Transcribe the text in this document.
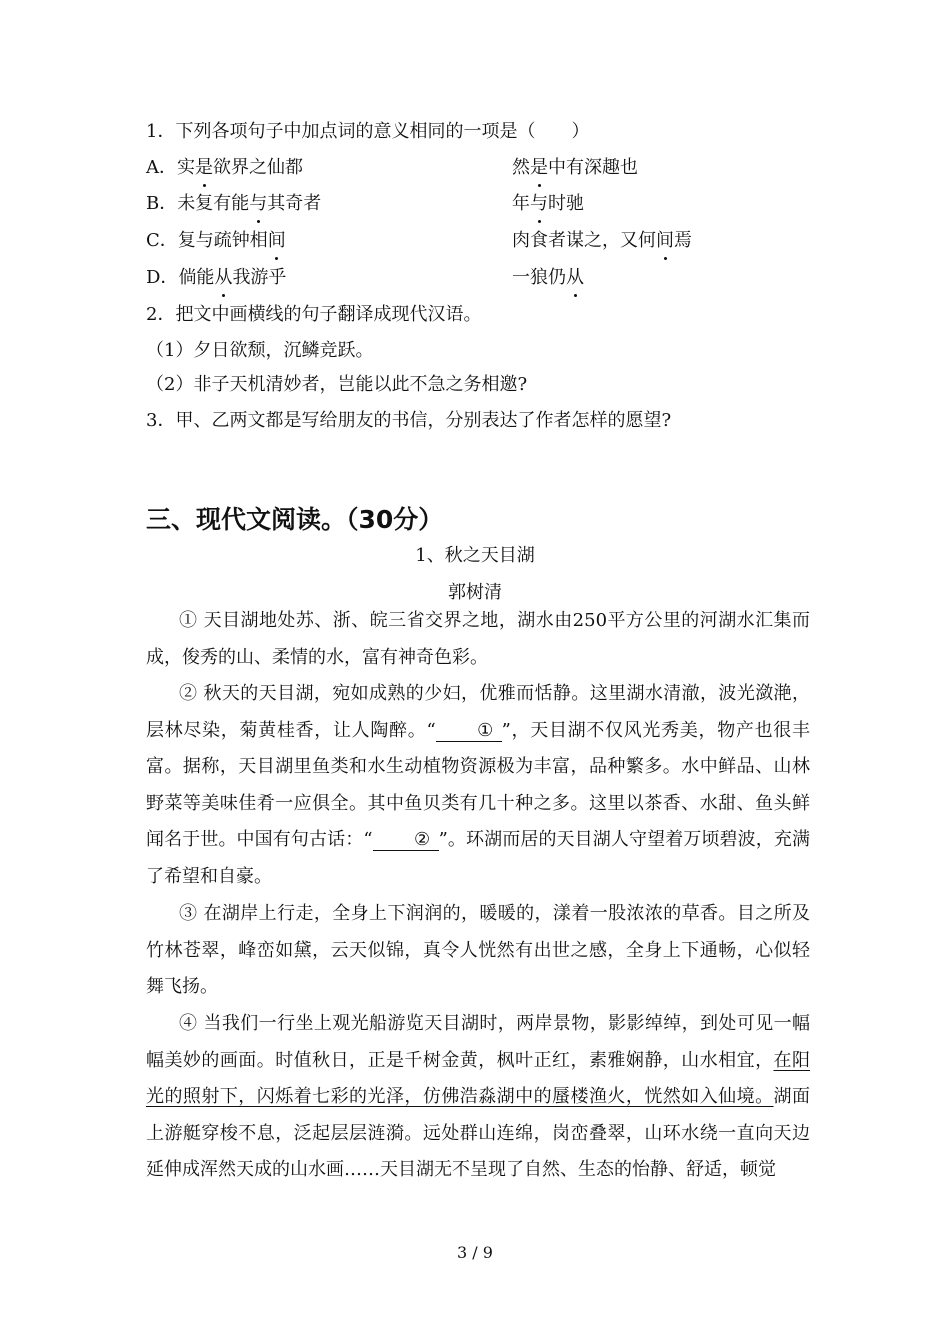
1．下列各项句子中加点词的意义相同的一项是（　　）
A．实是欲界之仙都	然是中有深趣也
B．未复有能与其奇者	年与时驰
C．复与疏钟相间	肉食者谋之，又何间焉
D．倘能从我游乎	一狼仍从
2．把文中画横线的句子翻译成现代汉语。
（1）夕日欲颓，沉鳞竞跃。
（2）非子天机清妙者，岂能以此不急之务相邀?
3．甲、乙两文都是写给朋友的书信，分别表达了作者怎样的愿望?
三、现代文阅读。（30分）
1、秋之天目湖
郭树清
① 天目湖地处苏、浙、皖三省交界之地，湖水由250平方公里的河湖水汇集而成，俊秀的山、柔情的水，富有神奇色彩。
② 秋天的天目湖，宛如成熟的少妇，优雅而恬静。这里湖水清澈，波光潋滟，层林尽染，菊黄桂香，让人陶醉。“ ① ”，天目湖不仅风光秀美，物产也很丰富。据称，天目湖里鱼类和水生动植物资源极为丰富，品种繁多。水中鲜品、山林野菜等美味佳肴一应俱全。其中鱼贝类有几十种之多。这里以茶香、水甜、鱼头鲜闻名于世。中国有句古话：“ ② ”。环湖而居的天目湖人守望着万顷碧波，充满了希望和自豪。
③ 在湖岸上行走，全身上下润润的，暖暖的，漾着一股浓浓的草香。目之所及竹林苍翠，峰峦如黛，云天似锦，真令人恍然有出世之感，全身上下通畅，心似轻舞飞扬。
④ 当我们一行坐上观光船游览天目湖时，两岸景物，影影绰绰，到处可见一幅幅美妙的画面。时值秋日，正是千树金黄，枫叶正红，素雅娴静，山水相宜，在阳光的照射下，闪烁着七彩的光泽，仿佛浩淼湖中的蜃楼渔火，恍然如入仙境。湖面上游艇穿梭不息，泛起层层涟漪。远处群山连绵，岗峦叠翠，山环水绕一直向天边延伸成浑然天成的山水画……天目湖无不呈现了自然、生态的怡静、舒适，顿觉
3 / 9
